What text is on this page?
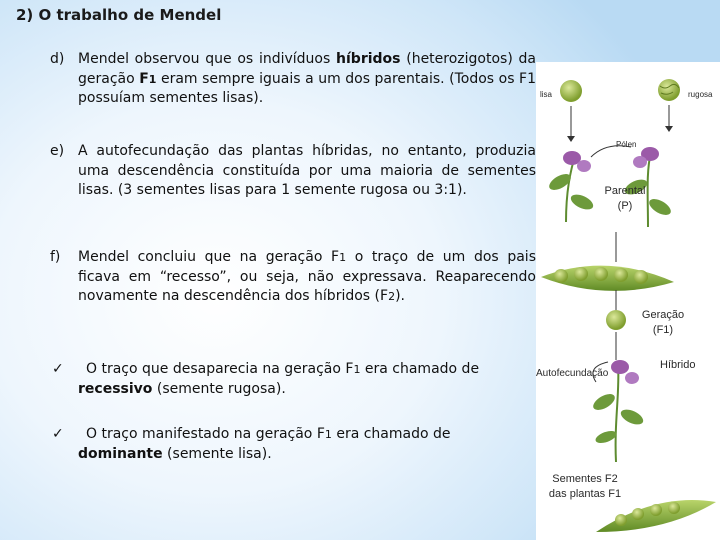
2) O trabalho de Mendel
d) Mendel observou que os indivíduos híbridos (heterozigotos) da geração F1 eram sempre iguais a um dos parentais. (Todos os F1 possuíam sementes lisas).
e) A autofecundação das plantas híbridas, no entanto, produzia uma descendência constituída por uma maioria de sementes lisas. (3 sementes lisas para 1 semente rugosa ou 3:1).
f) Mendel concluiu que na geração F1 o traço de um dos pais ficava em “recesso”, ou seja, não expressava. Reaparecendo novamente na descendência dos híbridos (F2).
✓ O traço que desaparecia na geração F1 era chamado de
recessivo (semente rugosa).
✓ O traço manifestado na geração F1 era chamado de
dominante (semente lisa).
lisa	rugosa
Pólen
Parental
(P)
Geração
(F1)
Híbrido
Autofecundação
Sementes F2
das plantas F1
